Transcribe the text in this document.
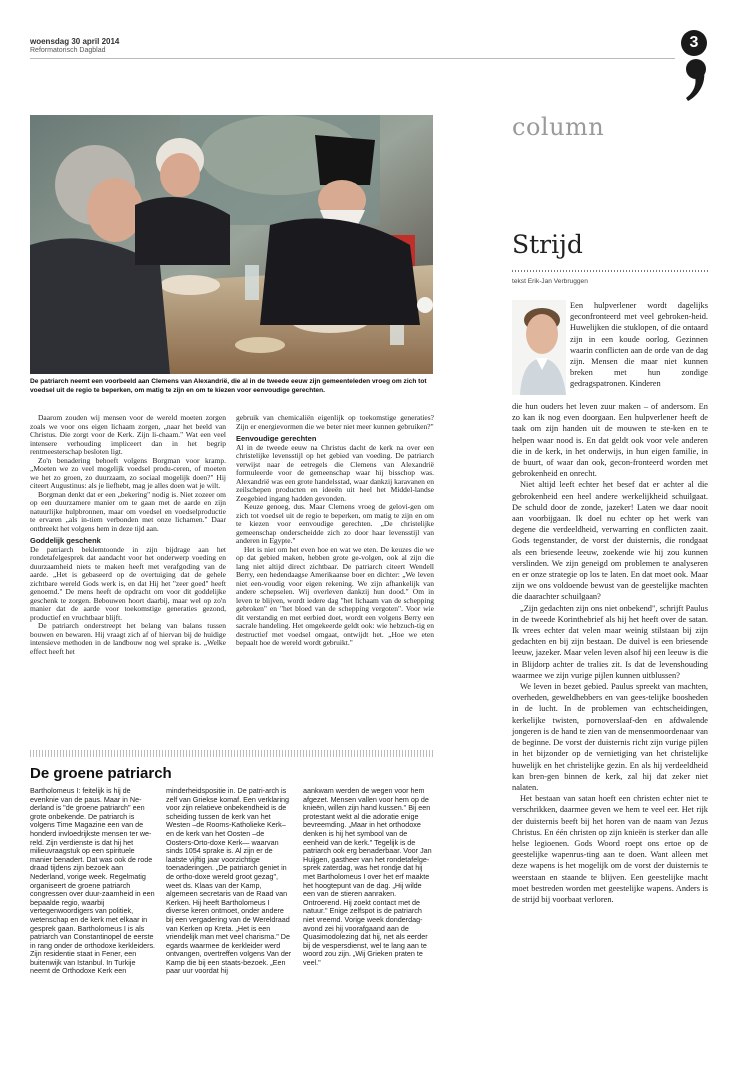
woensdag 30 april 2014
Reformatorisch Dagblad	3
De patriarch neemt een voorbeeld aan Clemens van Alexandrië, die al in de tweede eeuw zijn gemeenteleden vroeg om zich tot voedsel uit de regio te beperken, om matig te zijn en om te kiezen voor eenvoudige gerechten.

Daarom zouden wij mensen voor de wereld moeten zorgen zoals we voor ons eigen lichaam zorgen, „naar het beeld van Christus. Die zorgt voor de Kerk. Zijn li-chaam." Wat een veel intensere verhouding impliceert dan in het begrip rentmeesterschap besloten ligt.

Zo'n benadering behoeft volgens Borgman voor kramp. „Moeten we zo veel mogelijk voedsel produ-ceren, of moeten we het zo groen, zo duurzaam, zo sociaal mogelijk doen?" Hij citeert Augustinus: als je liefhebt, mag je alles doen wat je wilt.

Borgman denkt dat er een „bekering" nodig is. Niet zozeer om op een duurzamere manier om te gaan met de aarde en zijn natuurlijke hulpbronnen, maar om voedsel en voedselproductie te ervaren „als in-tiem verbonden met onze lichamen." Daar ontbreekt het volgens hem in deze tijd aan.

Goddelijk geschenk

De patriarch beklemtoonde in zijn bijdrage aan het rondetafelgesprek dat aandacht voor het onderwerp voeding en duurzaamheid niets te maken heeft met verafgoding van de aarde. „Het is gebaseerd op de overtuiging dat de gehele zichtbare wereld Gods werk is, en dat Hij het "zeer goed" heeft genoemd." De mens heeft de opdracht om voor dit goddelijke geschenk te zorgen. Bebouwen hoort daarbij, maar wel op zo'n manier dat de aarde voor toekomstige generaties gezond, productief en vruchtbaar blijft.

De patriarch onderstreept het belang van balans tussen bouwen en bewaren. Hij vraagt zich af of hiervan bij de huidige intensieve methoden in de landbouw nog wel sprake is. „Welke effect heeft het

gebruik van chemicaliën eigenlijk op toekomstige generaties? Zijn er energievormen die we beter niet meer kunnen gebruiken?"

Eenvoudige gerechten

Al in de tweede eeuw na Christus dacht de kerk na over een christelijke levensstijl op het gebied van voeding. De patriarch verwijst naar de eetregels die Clemens van Alexandrië formuleerde voor de gemeenschap waar hij bisschop was. Alexandrië was een grote handelsstad, waar dankzij karavanen en zeilschepen producten en ideeën uit heel het Middel-landse Zeegebied ingang hadden gevonden.

Keuze genoeg, dus. Maar Clemens vroeg de gelovi-gen om zich tot voedsel uit de regio te beperken, om matig te zijn en om te kiezen voor eenvoudige gerechten. „De christelijke gemeenschap onderscheidde zich zo door haar levensstijl van anderen in Egypte."

Het is niet om het even hoe en wat we eten. De keuzes die we op dat gebied maken, hebben grote ge-volgen, ook al zijn die lang niet altijd direct zichtbaar. De patriarch citeert Wendell Berry, een hedendaagse Amerikaanse boer en dichter: „We leven niet een-voudig voor eigen rekening. We zijn afhankelijk van andere schepselen. Wij overleven dankzij hun dood." Om in leven te blijven, wordt iedere dag "het lichaam van de schepping gebroken" en "het bloed van de schepping vergoten". Voor wie dit verstandig en met eerbied doet, wordt een volgens Berry een sacrale handeling. Het omgekeerde geldt ook: wie hebzuch-tig en destructief met voedsel omgaat, ontwijdt het. „Hoe we eten bepaalt hoe de wereld wordt gebruikt."

De groene patriarch

Bartholomeus I: feitelijk is hij de evenknie van de paus. Maar in Ne-derland is "de groene patriarch" een grote onbekende. De patriarch is volgens Time Magazine een van de honderd invloedrijkste mensen ter we-reld. Zijn verdienste is dat hij het milieuvraagstuk op een spirituele manier benadert. Dat was ook de rode draad tijdens zijn bezoek aan Nederland, vorige week. Regelmatig organiseert de groene patriarch congressen over duur-zaamheid in een bepaalde regio, waarbij vertegenwoordigers van politiek, wetenschap en de kerk met elkaar in gesprek gaan. Bartholomeus I is als patriarch van Constantinopel de eerste in rang onder de orthodoxe kerkleiders. Zijn residentie staat in Fener, een buitenwijk van Istanbul. In Turkije neemt de Orthodoxe Kerk een

minderheidspositie in. De patri-arch is zelf van Griekse komaf. Een verklaring voor zijn relatieve onbekendheid is de scheiding tussen de kerk van het Westen –de Rooms-Katholieke Kerk– en de kerk van het Oosten –de Oosters-Orto-doxe Kerk— waarvan sinds 1054 sprake is. Al zijn er de laatste vijftig jaar voorzichtige toenaderingen. „De patriarch geniet in de ortho-doxe wereld groot gezag", weet ds. Klaas van der Kamp, algemeen secretaris van de Raad van Kerken. Hij heeft Bartholomeus I diverse keren ontmoet, onder andere bij een vergadering van de Wereldraad van Kerken op Kreta. „Het is een vriendelijk man met veel charisma." De egards waarmee de kerkleider werd ontvangen, overtreffen volgens Van der Kamp die bij een staats-bezoek. „Een paar uur voordat hij

aankwam werden de wegen voor hem afgezet. Mensen vallen voor hem op de knieën, willen zijn hand kussen." Bij een protestant wekt al die adoratie enige bevreemding. „Maar in het orthodoxe denken is hij het symbool van de eenheid van de kerk." Tegelijk is de patriarch ook erg benaderbaar. Voor Jan Huijgen, gastheer van het rondetafelge-sprek zaterdag, was het rondje dat hij met Bartholomeus I over het erf maakte het hoogtepunt van de dag. „Hij wilde een van de stieren aanraken. Ontroerend. Hij zoekt contact met de natuur." Enige zelfspot is de patriarch niet vreemd. Vorige week donderdag-avond zei hij voorafgaand aan de Quasimodolezing dat hij, net als eerder bij de vespersdienst, wel te lang aan te woord zou zijn. „Wij Grieken praten te veel."

column
Strijd
tekst Erik-Jan Verbruggen

Een hulpverlener wordt dagelijks geconfronteerd met veel gebroken-heid. Huwelijken die stuklopen, of die ontaard zijn in een koude oorlog. Gezinnen waarin conflicten aan de orde van de dag zijn. Mensen die maar niet kunnen breken met hun zondige gedragspatronen. Kinderen

die hun ouders het leven zuur maken – of andersom. En zo kan ik nog even doorgaan. Een hulpverlener heeft de taak om zijn handen uit de mouwen te ste-ken en te helpen waar nood is. En dat geldt ook voor vele anderen die in de kerk, in het onderwijs, in hun eigen familie, in de buurt, of waar dan ook, gecon-fronteerd worden met gebrokenheid en onrecht.

Niet altijd leeft echter het besef dat er achter al die gebrokenheid een heel andere werkelijkheid schuilgaat. De schuld door de zonde, jazeker! Laten we daar nooit aan voorbijgaan. Ik doel nu echter op het werk van degene die verdeeldheid, verwarring en conflicten zaait. Gods tegenstander, de vorst der duisternis, die rondgaat als een briesende leeuw, zoekende wie hij zou kunnen verslinden. We zijn geneigd om problemen te analyseren en er onze strategie op los te laten. En dat moet ook. Maar zijn we ons voldoende bewust van de geestelijke machten die daarachter schuilgaan?

„Zijn gedachten zijn ons niet onbekend", schrijft Paulus in de tweede Korinthebrief als hij het heeft over de satan. Ik vrees echter dat velen maar weinig stilstaan bij zijn gedachten en bij zijn bestaan. De duivel is een briesende leeuw, jazeker. Maar velen leven alsof hij een leeuw is die in Blijdorp achter de tralies zit. Is dat de levenshouding waarmee we zijn vurige pijlen kunnen uitblussen?

We leven in bezet gebied. Paulus spreekt van machten, overheden, geweldhebbers en van gees-telijke boosheden in de lucht. In de problemen van echtscheidingen, kerkelijke twisten, pornoverslaaf-den en afdwalende jongeren is de hand te zien van de mensenmoordenaar van de beginne. De vorst der duisternis richt zijn vurige pijlen in het bijzonder op de vernietiging van het christelijke huwelijk en het christelijke gezin. En als hij verdeeldheid kan bren-gen binnen de kerk, zal hij dat zeker niet nalaten.

Het bestaan van satan hoeft een christen echter niet te verschrikken, daarmee geven we hem te veel eer. Het rijk der duisternis beeft bij het horen van de naam van Jezus Christus. En één christen op zijn knieën is sterker dan alle helse legioenen. Gods Woord roept ons ertoe op de geestelijke wapenrus-ting aan te doen. Want alleen met deze wapens is het mogelijk om de vorst der duisternis te weerstaan en staande te blijven. Een geestelijke macht moet bestreden worden met geestelijke wapens. Anders is de strijd bij voorbaat verloren.
